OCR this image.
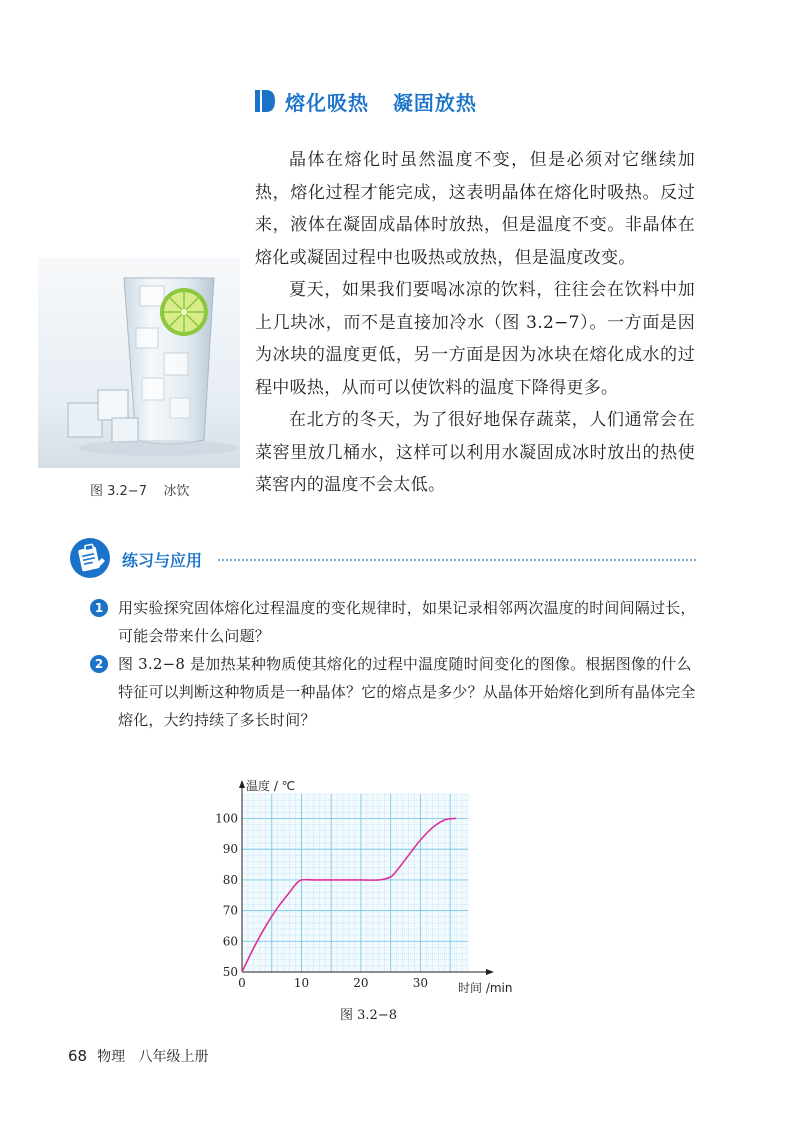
熔化吸热   凝固放热

晶体在熔化时虽然温度不变，但是必须对它继续加热，熔化过程才能完成，这表明晶体在熔化时吸热。反过来，液体在凝固成晶体时放热，但是温度不变。非晶体在熔化或凝固过程中也吸热或放热，但是温度改变。

夏天，如果我们要喝冰凉的饮料，往往会在饮料中加上几块冰，而不是直接加冷水（图 3.2−7）。一方面是因为冰块的温度更低，另一方面是因为冰块在熔化成水的过程中吸热，从而可以使饮料的温度下降得更多。

在北方的冬天，为了很好地保存蔬菜，人们通常会在菜窖里放几桶水，这样可以利用水凝固成冰时放出的热使菜窖内的温度不会太低。

图 3.2−7    冰饮
练习与应用
1 用实验探究固体熔化过程温度的变化规律时，如果记录相邻两次温度的时间间隔过长，可能会带来什么问题？
2 图 3.2−8 是加热某种物质使其熔化的过程中温度随时间变化的图像。根据图像的什么特征可以判断这种物质是一种晶体？它的熔点是多少？从晶体开始熔化到所有晶体完全熔化，大约持续了多长时间？
50
60
70
80
90
100
0	10	20	30
温度 / ℃
时间 /min
图 3.2−8
68 物理   八年级上册
